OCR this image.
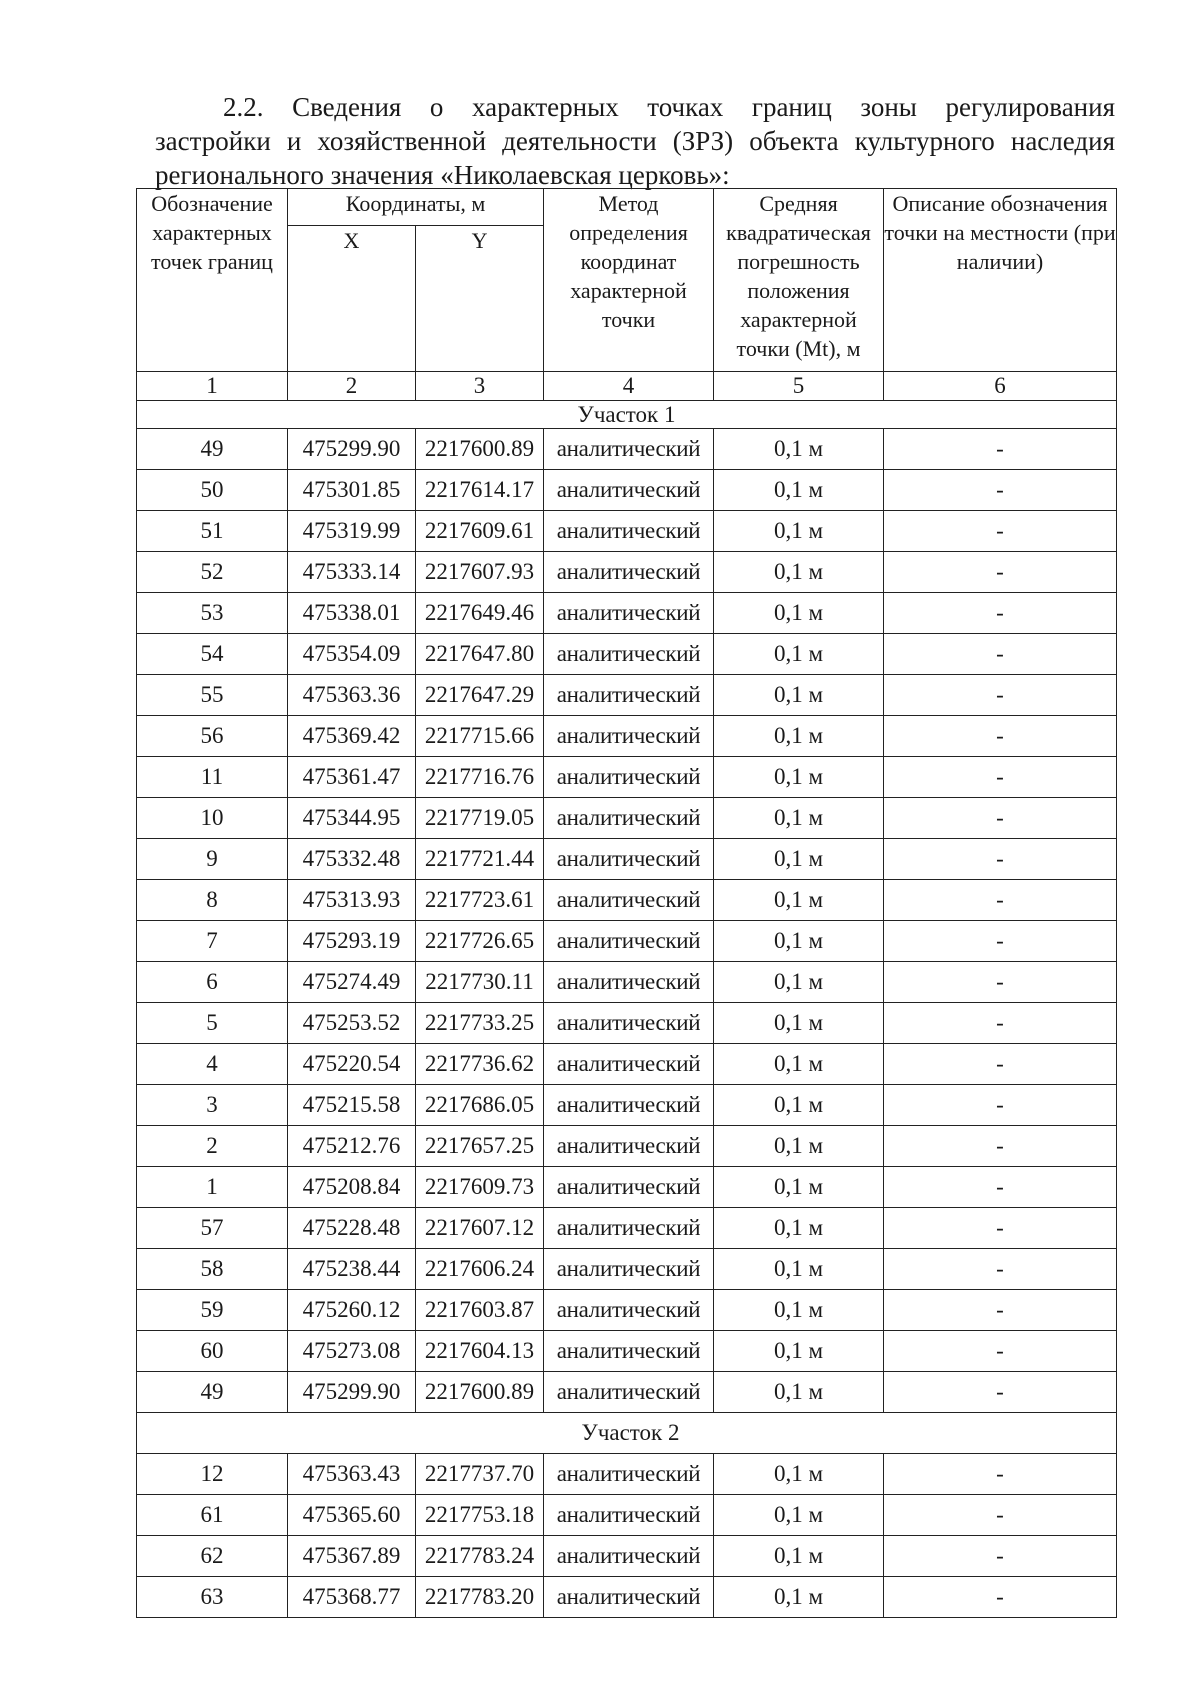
2.2. Сведения о характерных точках границ зоны регулирования
застройки и хозяйственной деятельности (ЗРЗ) объекта культурного наследия
регионального значения «Николаевская церковь»:
Обозначение характерных точек границ	Координаты, м		Метод определения координат характерной точки	Средняя квадратическая погрешность положения характерной точки (Mt), м	Описание обозначения точки на местности (при наличии)
	X	Y			
1	2	3	4	5	6
Участок 1					
49	475299.90	2217600.89	аналитический	0,1 м	-
50	475301.85	2217614.17	аналитический	0,1 м	-
51	475319.99	2217609.61	аналитический	0,1 м	-
52	475333.14	2217607.93	аналитический	0,1 м	-
53	475338.01	2217649.46	аналитический	0,1 м	-
54	475354.09	2217647.80	аналитический	0,1 м	-
55	475363.36	2217647.29	аналитический	0,1 м	-
56	475369.42	2217715.66	аналитический	0,1 м	-
11	475361.47	2217716.76	аналитический	0,1 м	-
10	475344.95	2217719.05	аналитический	0,1 м	-
9	475332.48	2217721.44	аналитический	0,1 м	-
8	475313.93	2217723.61	аналитический	0,1 м	-
7	475293.19	2217726.65	аналитический	0,1 м	-
6	475274.49	2217730.11	аналитический	0,1 м	-
5	475253.52	2217733.25	аналитический	0,1 м	-
4	475220.54	2217736.62	аналитический	0,1 м	-
3	475215.58	2217686.05	аналитический	0,1 м	-
2	475212.76	2217657.25	аналитический	0,1 м	-
1	475208.84	2217609.73	аналитический	0,1 м	-
57	475228.48	2217607.12	аналитический	0,1 м	-
58	475238.44	2217606.24	аналитический	0,1 м	-
59	475260.12	2217603.87	аналитический	0,1 м	-
60	475273.08	2217604.13	аналитический	0,1 м	-
49	475299.90	2217600.89	аналитический	0,1 м	-
Участок 2					
12	475363.43	2217737.70	аналитический	0,1 м	-
61	475365.60	2217753.18	аналитический	0,1 м	-
62	475367.89	2217783.24	аналитический	0,1 м	-
63	475368.77	2217783.20	аналитический	0,1 м	-
